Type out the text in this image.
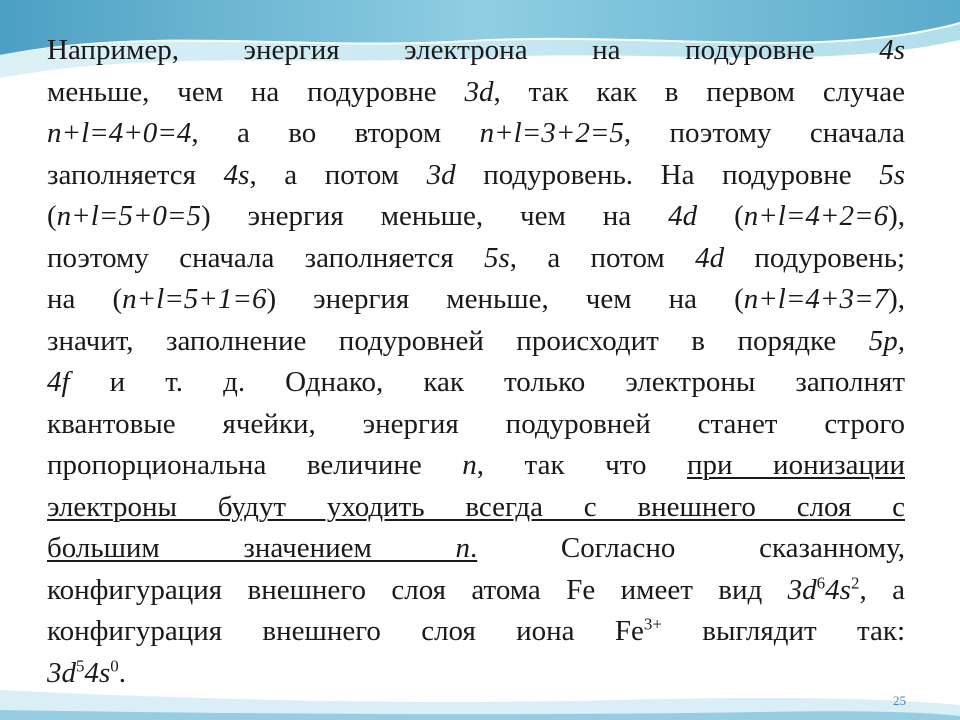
Например, энергия электрона на подуровне 4s
меньше, чем на подуровне 3d, так как в первом случае
n+l=4+0=4, а во втором n+l=3+2=5, поэтому сначала
заполняется 4s, а потом 3d подуровень. На подуровне 5s
(n+l=5+0=5) энергия меньше, чем на 4d (n+l=4+2=6),
поэтому сначала заполняется 5s, а потом 4d подуровень;
на (n+l=5+1=6) энергия меньше, чем на (n+l=4+3=7),
значит, заполнение подуровней происходит в порядке 5p,
4f и т. д. Однако, как только электроны заполнят
квантовые ячейки, энергия подуровней станет строго
пропорциональна величине n, так что при ионизации
электроны будут уходить всегда с внешнего слоя с
большим значением n. Согласно сказанному,
конфигурация внешнего слоя атома Fe имеет вид $3d^64s^2$, а
конфигурация внешнего слоя иона $Fe^{3+}$ выглядит так:
$3d^54s^0$.
25
